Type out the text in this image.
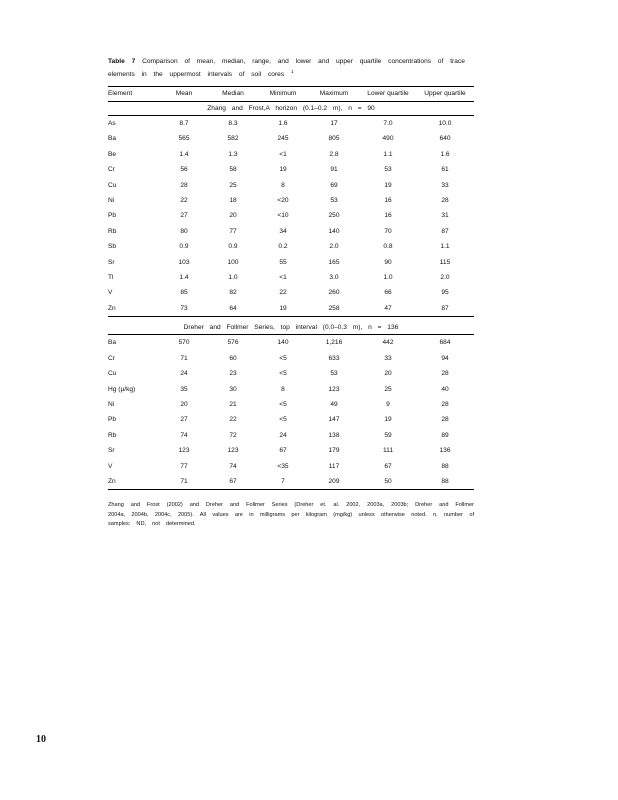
Table 7 Comparison of mean, median, range, and lower and upper quartile concentrations of trace elements in the uppermost intervals of soil cores $^1$
Element	Mean	Median	Minimum	Maximum	Lower quartile	Upper quartile
Zhang and Frost,A horizon (0.1–0.2 m), n = 90						
As	8.7	8.3	1.6	17	7.0	10.0
Ba	565	582	245	805	490	640
Be	1.4	1.3	<1	2.8	1.1	1.6
Cr	56	58	19	91	53	61
Cu	28	25	8	69	19	33
Ni	22	18	<20	53	16	28
Pb	27	20	<10	250	16	31
Rb	80	77	34	140	70	87
Sb	0.9	0.9	0.2	2.0	0.8	1.1
Sr	103	100	55	165	90	115
Tl	1.4	1.0	<1	3.0	1.0	2.0
V	85	82	22	260	66	95
Zn	73	64	19	258	47	87
Dreher and Follmer Series, top interval (0.0–0.3 m), n = 136						
Ba	570	576	140	1,216	442	684
Cr	71	60	<5	633	33	94
Cu	24	23	<5	53	20	28
Hg (µ/kg)	35	30	8	123	25	40
Ni	20	21	<5	49	9	28
Pb	27	22	<5	147	19	28
Rb	74	72	24	138	59	89
Sr	123	123	67	179	111	136
V	77	74	<35	117	67	88
Zn	71	67	7	209	50	88
Zhang and Frost (2002) and Dreher and Follmer Series (Dreher et. al. 2002, 2003a, 2003b; Dreher and Follmer 2004a, 2004b, 2004c, 2005). All values are in milligrams per kilogram (mg/kg) unless otherwise noted. n, number of samples; ND, not determined.
10
